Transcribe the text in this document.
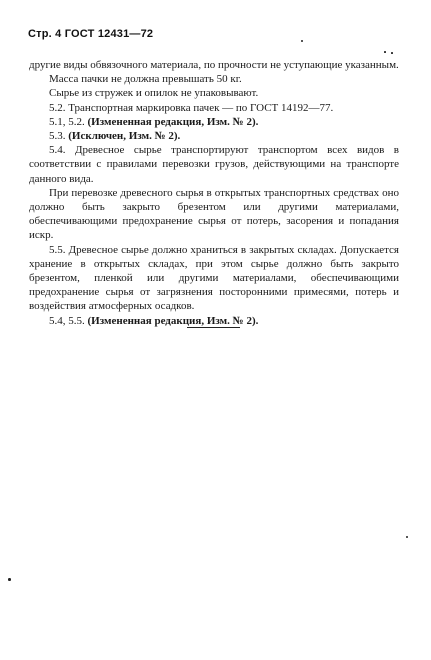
Стр. 4 ГОСТ 12431—72

другие виды обвязочного материала, по прочности не уступающие указанным.

Масса пачки не должна превышать 50 кг.

Сырье из стружек и опилок не упаковывают.

5.2. Транспортная маркировка пачек — по ГОСТ 14192—77.

5.1, 5.2. (Измененная редакция, Изм. № 2).

5.3. (Исключен, Изм. № 2).

5.4. Древесное сырье транспортируют транспортом всех видов в соответствии с правилами перевозки грузов, действующими на транспорте данного вида.

При перевозке древесного сырья в открытых транспортных средствах оно должно быть закрыто брезентом или другими материалами, обеспечивающими предохранение сырья от потерь, засорения и попадания искр.

5.5. Древесное сырье должно храниться в закрытых складах. Допускается хранение в открытых складах, при этом сырье должно быть закрыто брезентом, пленкой или другими материалами, обеспечивающими предохранение сырья от загрязнения посторонними примесями, потерь и воздействия атмосферных осадков.

5.4, 5.5. (Измененная редакция, Изм. № 2).
